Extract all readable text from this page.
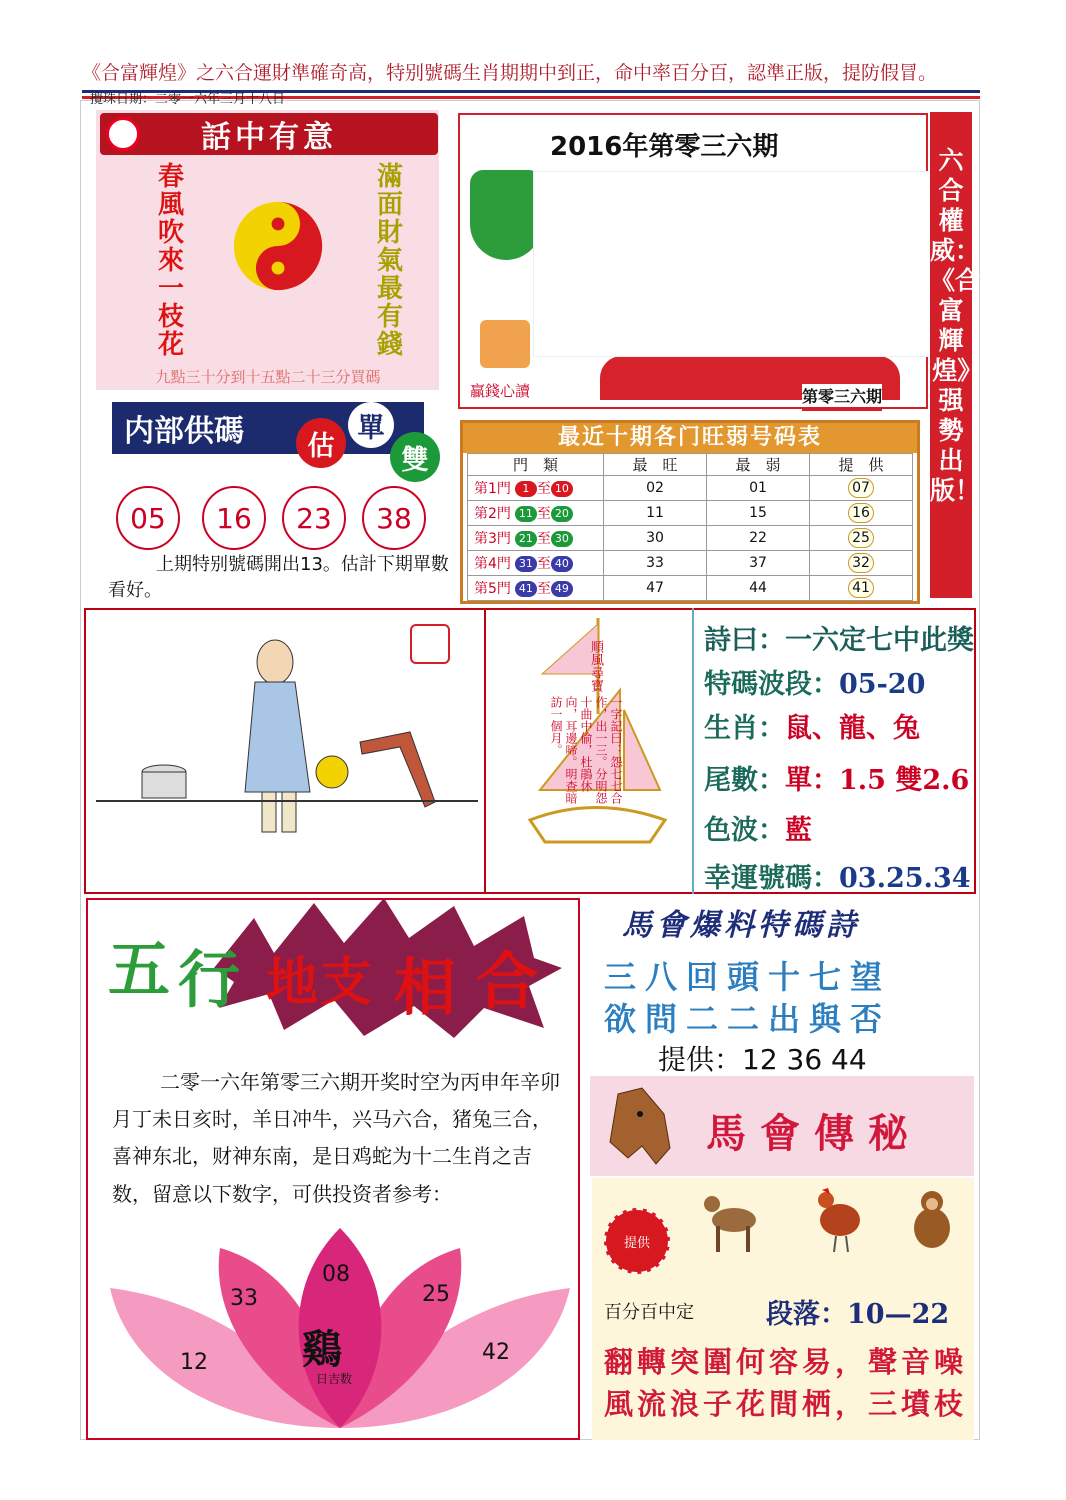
《合富輝煌》之六合運財準確奇高，特别號碼生肖期期中到正，命中率百分百，認準正版，提防假冒。
攪珠日期：二零一六年三月十八日
話中有意
春風吹來一枝花	滿面財氣最有錢
九點三十分到十五點二十三分買碼
内部供碼	估
單
雙
05	16	23	38
上期特别號碼開出13。估計下期單數看好。
2016年第零三六期
贏錢心讀	第零三六期
六合權威：《合富輝煌》强勢出版！
最近十期各门旺弱号码表
門　類	最　旺	最　弱	提　供
第1門 1 至 10	02	01	07
第2門 11 至 20	11	15	16
第3門 21 至 30	30	22	25
第4門 31 至 40	33	37	32
第5門 41 至 49	47	44	41
順風尋寶
一字記曰：怨七七合作，出一三。分明怨十曲中偷，杜鵑休向，耳邊啼。明查暗訪一個月。
詩曰：一六定七中此獎
特碼波段：05-20
生肖：鼠、龍、兔
尾數：單：1.5 雙2.6
色波：藍
幸運號碼：03.25.34
五 行 地 支 相 合
二零一六年第零三六期开奖时空为丙申年辛卯月丁未日亥时，羊日冲牛，兴马六合，猪兔三合，喜神东北，财神东南，是日鸡蛇为十二生肖之吉数，留意以下数字，可供投资者参考：
08
33	25
12	42
鷄
日吉数
馬會爆料特碼詩
三八回頭十七望
欲問二二出與否
提供：12 36 44
馬會傳秘
提供
百分百中定	段落：10—22
翻轉突圍何容易，聲音噪
風流浪子花間栖，三墳枝
